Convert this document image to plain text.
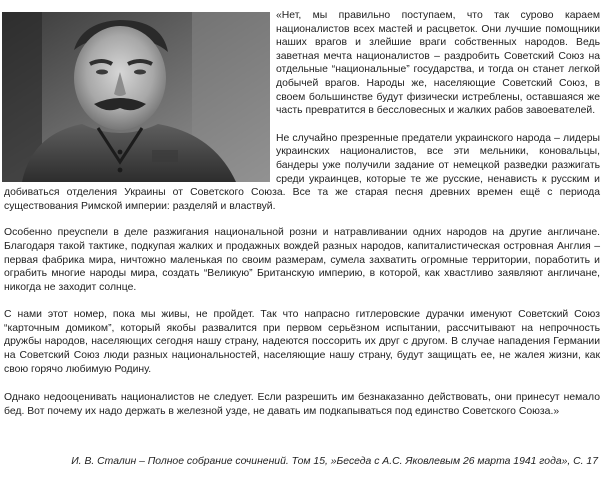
«Нет, мы правильно поступаем, что так сурово караем националистов всех мастей и расцветок. Они лучшие помощники наших врагов и злейшие враги собственных народов. Ведь заветная мечта националистов – раздробить Советский Союз на отдельные “национальные” государства, и тогда он станет легкой добычей врагов. Народы же, населяющие Советский Союз, в своем большинстве будут физически истреблены, оставшаяся же часть превратится в бессловесных и жалких рабов завоевателей.

Не случайно презренные предатели украинского народа – лидеры украинских националистов, все эти мельники, коновальцы, бандеры уже получили задание от немецкой разведки разжигать среди украинцев, которые те же русские, ненависть к русским и добиваться отделения Украины от Советского Союза. Все та же старая песня древних времен ещё с периода существования Римской империи: разделяй и властвуй.

Особенно преуспели в деле разжигания национальной розни и натравливании одних народов на другие англичане. Благодаря такой тактике, подкупая жалких и продажных вождей разных народов, капиталистическая островная Англия – первая фабрика мира, ничтожно маленькая по своим размерам, сумела захватить огромные территории, поработить и ограбить многие народы мира, создать “Великую” Британскую империю, в которой, как хвастливо заявляют англичане, никогда не заходит солнце.

С нами этот номер, пока мы живы, не пройдет. Так что напрасно гитлеровские дурачки именуют Советский Союз “карточным домиком”, который якобы развалится при первом серьёзном испытании, рассчитывают на непрочность дружбы народов, населяющих сегодня нашу страну, надеются поссорить их друг с другом. В случае нападения Германии на Советский Союз люди разных национальностей, населяющие нашу страну, будут защищать ее, не жалея жизни, как свою горячо любимую Родину.

Однако недооценивать националистов не следует. Если разрешить им безнаказанно действовать, они принесут немало бед. Вот почему их надо держать в железной узде, не давать им подкапываться под единство Советского Союза.»

И. В. Сталин – Полное собрание сочинений. Том 15, »Беседа с А.С. Яковлевым 26 марта 1941 года», С. 17
